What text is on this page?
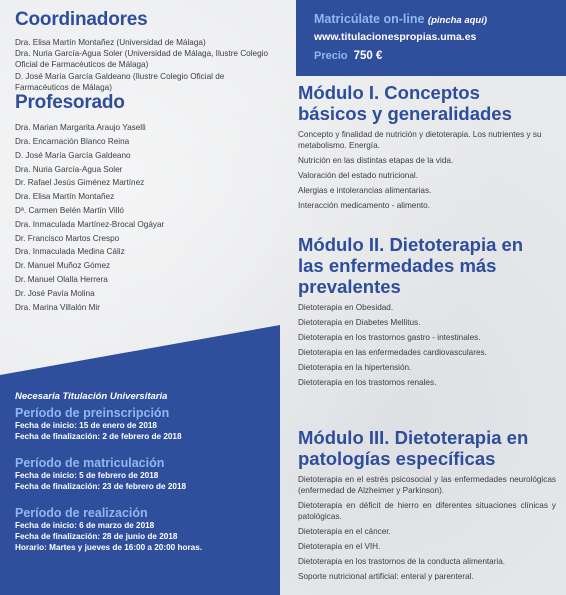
Matricúlate on-line (pincha aquí)
www.titulacionespropias.uma.es
Precio 750 €
Coordinadores
Dra. Elisa Martín Montañez (Universidad de Málaga)
Dra. Nuria García-Agua Soler (Universidad de Málaga, Ilustre Colegio Oficial de Farmacéuticos de Málaga)
D. José María García Galdeano (Ilustre Colegio Oficial de Farmacéuticos de Málaga)
Profesorado
Dra. Marian Margarita Araujo Yaselli
Dra. Encarnación Blanco Reina
D. José María García Galdeano
Dra. Nuria García-Agua Soler
Dr. Rafael Jesús Giménez Martínez
Dra. Elisa Martín Montañez
Dª. Carmen Belén Martín Villó
Dra. Inmaculada Martínez-Brocal Ogáyar
Dr. Francisco Martos Crespo
Dra. Inmaculada Medina Cáliz
Dr. Manuel Muñoz Gómez
Dr. Manuel Olalla Herrera
Dr. José Pavía Molina
Dra. Marina Villalón Mir
Necesaria Titulación Universitaria
Período de preinscripción
Fecha de inicio: 15 de enero de 2018
Fecha de finalización: 2 de febrero de 2018
Período de matriculación
Fecha de inicio: 5 de febrero de 2018
Fecha de finalización: 23 de febrero de 2018
Período de realización
Fecha de inicio: 6 de marzo de 2018
Fecha de finalización: 28 de junio de 2018
Horario: Martes y jueves de 16:00 a 20:00 horas.
Módulo I. Conceptos
básicos y generalidades
Concepto y finalidad de nutrición y dietoterapia. Los nutrientes y su metabolismo. Energía.
Nutrición en las distintas etapas de la vida.
Valoración del estado nutricional.
Alergias e intolerancias alimentarias.
Interacción medicamento - alimento.
Módulo II. Dietoterapia en
las enfermedades más
prevalentes
Dietoterapia en Obesidad.
Dietoterapia en Diabetes Mellitus.
Dietoterapia en los trastornos gastro - intestinales.
Dietoterapia en las enfermedades cardiovasculares.
Dietoterapia en la hipertensión.
Dietoterapia en los trastornos renales.
Módulo III. Dietoterapia en
patologías específicas
Dietoterapia en el estrés psicosocial y las enfermedades neurológicas (enfermedad de Alzheimer y Parkinson).
Dietoterapia en déficit de hierro en diferentes situaciones clínicas y patológicas.
Dietoterapia en el cáncer.
Dietoterapia en el VIH.
Dietoterapia en los trastornos de la conducta alimentaria.
Soporte nutricional artificial: enteral y parenteral.
